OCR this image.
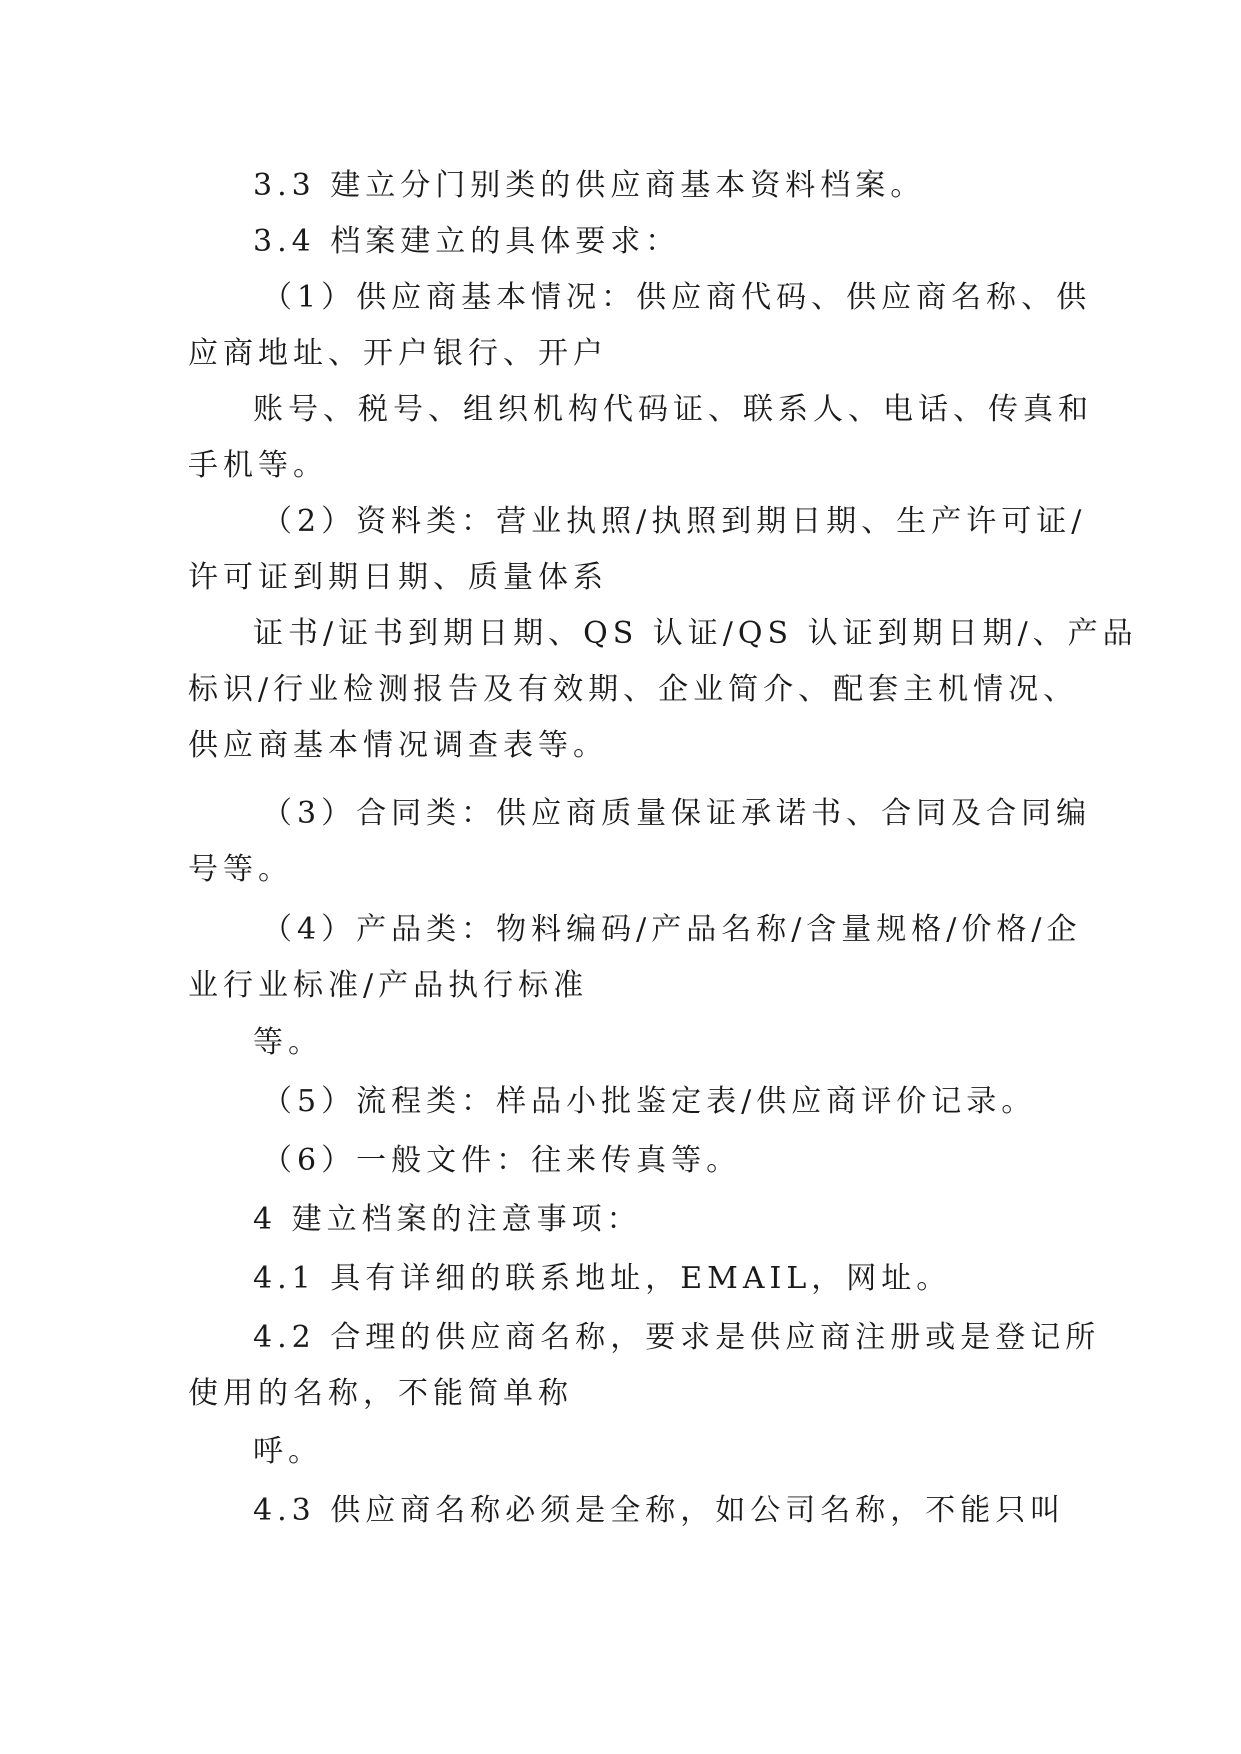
3.3 建立分门别类的供应商基本资料档案。

3.4 档案建立的具体要求：

（1）供应商基本情况：供应商代码、供应商名称、供

应商地址、开户银行、开户

账号、税号、组织机构代码证、联系人、电话、传真和

手机等。

（2）资料类：营业执照/执照到期日期、生产许可证/

许可证到期日期、质量体系

证书/证书到期日期、QS 认证/QS 认证到期日期/、产品

标识/行业检测报告及有效期、企业简介、配套主机情况、

供应商基本情况调查表等。

（3）合同类：供应商质量保证承诺书、合同及合同编

号等。

（4）产品类：物料编码/产品名称/含量规格/价格/企

业行业标准/产品执行标准

等。

（5）流程类：样品小批鉴定表/供应商评价记录。

（6）一般文件：往来传真等。

4 建立档案的注意事项：

4.1 具有详细的联系地址，EMAIL，网址。

4.2 合理的供应商名称，要求是供应商注册或是登记所

使用的名称，不能简单称

呼。

4.3 供应商名称必须是全称，如公司名称，不能只叫
